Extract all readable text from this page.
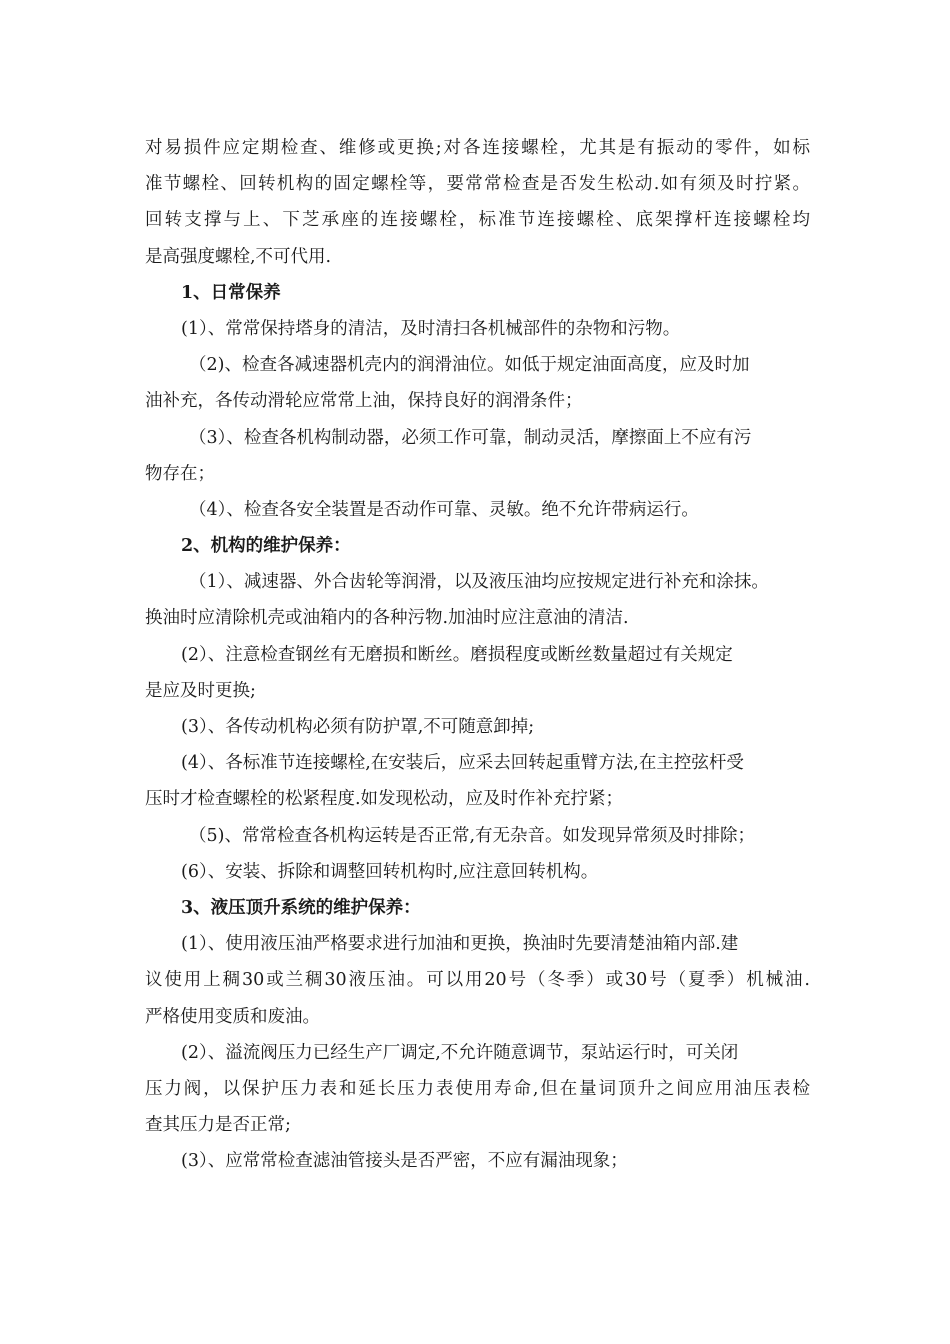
对易损件应定期检查、维修或更换;对各连接螺栓，尤其是有振动的零件，如标
准节螺栓、回转机构的固定螺栓等，要常常检查是否发生松动.如有须及时拧紧。
回转支撑与上、下芝承座的连接螺栓，标准节连接螺栓、底架撑杆连接螺栓均
是高强度螺栓,不可代用.
1、日常保养
(1）、常常保持塔身的清洁，及时清扫各机械部件的杂物和污物。
（2)、检查各减速器机壳内的润滑油位。如低于规定油面高度，应及时加
油补充，各传动滑轮应常常上油，保持良好的润滑条件；
（3）、检查各机构制动器，必须工作可靠，制动灵活，摩擦面上不应有污
物存在；
（4）、检查各安全装置是否动作可靠、灵敏。绝不允许带病运行。
2、机构的维护保养：
（1）、减速器、外合齿轮等润滑，以及液压油均应按规定进行补充和涂抹。
换油时应清除机壳或油箱内的各种污物.加油时应注意油的清洁.
(2）、注意检查钢丝有无磨损和断丝。磨损程度或断丝数量超过有关规定
是应及时更换;
(3）、各传动机构必须有防护罩,不可随意卸掉;
(4）、各标准节连接螺栓,在安装后，应采去回转起重臂方法,在主控弦杆受
压时才检查螺栓的松紧程度.如发现松动，应及时作补充拧紧；
（5)、常常检查各机构运转是否正常,有无杂音。如发现异常须及时排除；
(6）、安装、拆除和调整回转机构时,应注意回转机构。
3、液压顶升系统的维护保养：
(1）、使用液压油严格要求进行加油和更换，换油时先要清楚油箱内部.建
议使用上稠30或兰稠30液压油。可以用20号（冬季）或30号（夏季）机械油.
严格使用变质和废油。
(2）、溢流阀压力已经生产厂调定,不允许随意调节，泵站运行时，可关闭
压力阀，以保护压力表和延长压力表使用寿命,但在量词顶升之间应用油压表检
查其压力是否正常;
(3）、应常常检查滤油管接头是否严密，不应有漏油现象；
